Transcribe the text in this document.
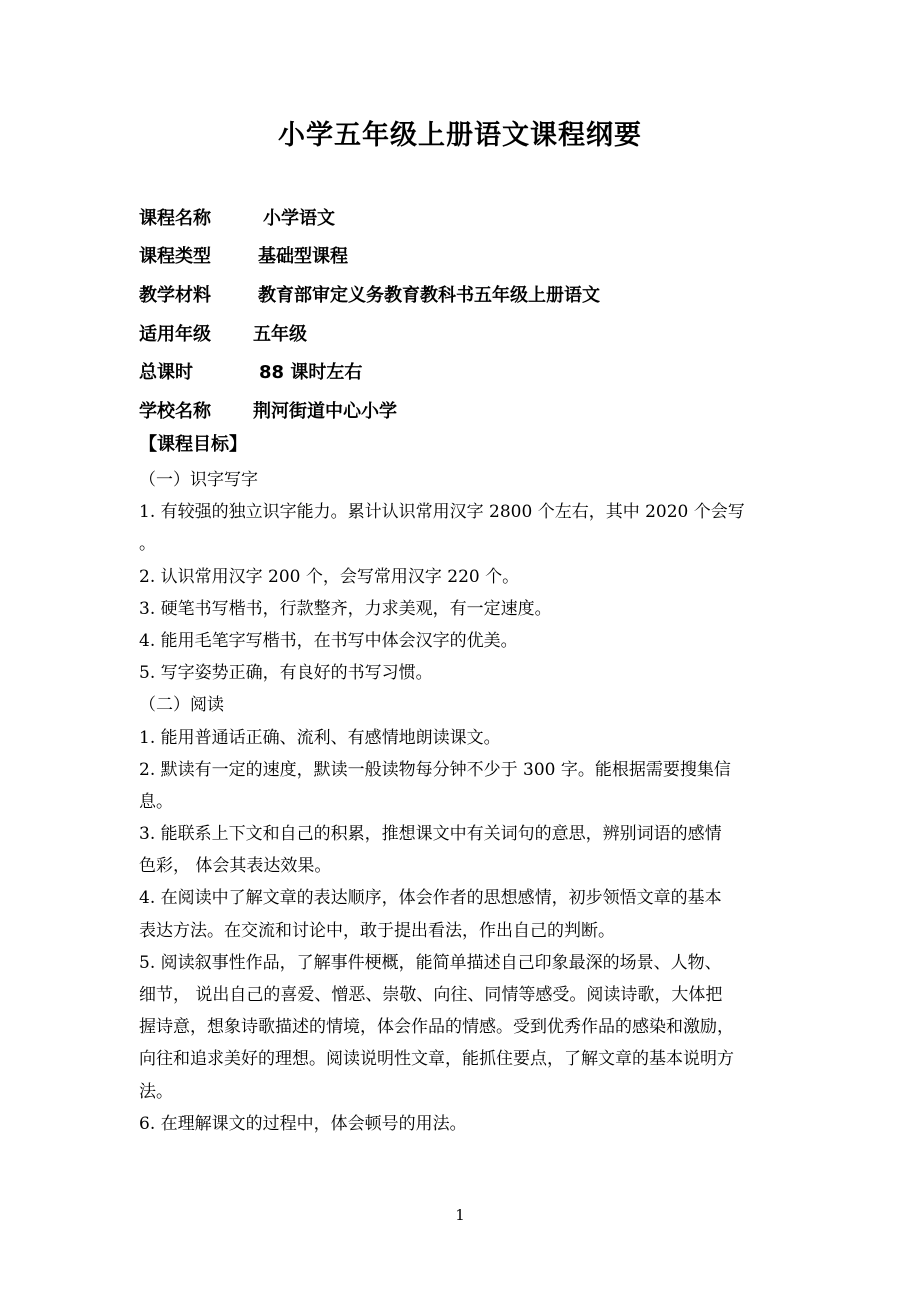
小学五年级上册语文课程纲要
课程名称	小学语文
课程类型	基础型课程
教学材料	教育部审定义务教育教科书五年级上册语文
适用年级 五年级
总课时	88 课时左右
学校名称 荆河街道中心小学
【课程目标】
（一）识字写字
1. 有较强的独立识字能力。累计认识常用汉字 2800 个左右，其中 2020 个会写
。
2. 认识常用汉字 200 个，会写常用汉字 220 个。
3. 硬笔书写楷书，行款整齐，力求美观，有一定速度。
4. 能用毛笔字写楷书，在书写中体会汉字的优美。
5. 写字姿势正确，有良好的书写习惯。
（二）阅读
1. 能用普通话正确、流利、有感情地朗读课文。
2. 默读有一定的速度，默读一般读物每分钟不少于 300 字。能根据需要搜集信
息。
3. 能联系上下文和自己的积累，推想课文中有关词句的意思，辨别词语的感情
色彩， 体会其表达效果。
4. 在阅读中了解文章的表达顺序，体会作者的思想感情，初步领悟文章的基本
表达方法。在交流和讨论中，敢于提出看法，作出自己的判断。
5. 阅读叙事性作品，了解事件梗概，能简单描述自己印象最深的场景、人物、
细节， 说出自己的喜爱、憎恶、崇敬、向往、同情等感受。阅读诗歌，大体把
握诗意，想象诗歌描述的情境，体会作品的情感。受到优秀作品的感染和激励，
向往和追求美好的理想。阅读说明性文章，能抓住要点，了解文章的基本说明方
法。
6. 在理解课文的过程中，体会顿号的用法。
1
